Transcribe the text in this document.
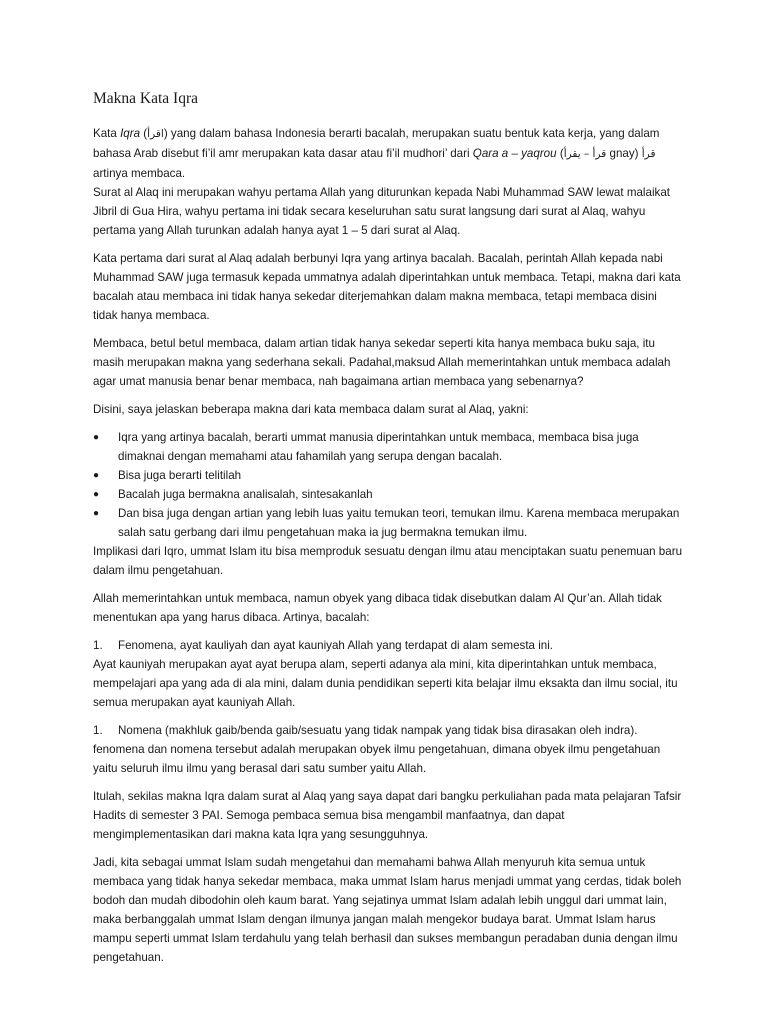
Makna Kata Iqra

Kata Iqra (اقرأ) yang dalam bahasa Indonesia berarti bacalah, merupakan suatu bentuk kata kerja, yang dalam bahasa Arab disebut fi’il amr merupakan kata dasar atau fi’il mudhori’ dari Qara a – yaqrou (قرأ – يقرأ gnay) قرأ artinya membaca.

Surat al Alaq ini merupakan wahyu pertama Allah yang diturunkan kepada Nabi Muhammad SAW lewat malaikat Jibril di Gua Hira, wahyu pertama ini tidak secara keseluruhan satu surat langsung dari surat al Alaq, wahyu pertama yang Allah turunkan adalah hanya ayat 1 – 5 dari surat al Alaq.

Kata pertama dari surat al Alaq adalah berbunyi Iqra yang artinya bacalah. Bacalah, perintah Allah kepada nabi Muhammad SAW juga termasuk kepada ummatnya adalah diperintahkan untuk membaca. Tetapi, makna dari kata bacalah atau membaca ini tidak hanya sekedar diterjemahkan dalam makna membaca, tetapi membaca disini tidak hanya membaca.

Membaca, betul betul membaca, dalam artian tidak hanya sekedar seperti kita hanya membaca buku saja, itu masih merupakan makna yang sederhana sekali. Padahal,maksud Allah memerintahkan untuk membaca adalah agar umat manusia benar benar membaca, nah bagaimana artian membaca yang sebenarnya?

Disini, saya jelaskan beberapa makna dari kata membaca dalam surat al Alaq, yakni:

● Iqra yang artinya bacalah, berarti ummat manusia diperintahkan untuk membaca, membaca bisa juga dimaknai dengan memahami atau fahamilah yang serupa dengan bacalah.
● Bisa juga berarti telitilah
● Bacalah juga bermakna analisalah, sintesakanlah
● Dan bisa juga dengan artian yang lebih luas yaitu temukan teori, temukan ilmu. Karena membaca merupakan salah satu gerbang dari ilmu pengetahuan maka ia jug bermakna temukan ilmu.

Implikasi dari Iqro, ummat Islam itu bisa memproduk sesuatu dengan ilmu atau menciptakan suatu penemuan baru dalam ilmu pengetahuan.

Allah memerintahkan untuk membaca, namun obyek yang dibaca tidak disebutkan dalam Al Qur’an. Allah tidak menentukan apa yang harus dibaca. Artinya, bacalah:

1. Fenomena, ayat kauliyah dan ayat kauniyah Allah yang terdapat di alam semesta ini.

Ayat kauniyah merupakan ayat ayat berupa alam, seperti adanya ala mini, kita diperintahkan untuk membaca, mempelajari apa yang ada di ala mini, dalam dunia pendidikan seperti kita belajar ilmu eksakta dan ilmu social, itu semua merupakan ayat kauniyah Allah.

1. Nomena (makhluk gaib/benda gaib/sesuatu yang tidak nampak yang tidak bisa dirasakan oleh indra).

fenomena dan nomena tersebut adalah merupakan obyek ilmu pengetahuan, dimana obyek ilmu pengetahuan yaitu seluruh ilmu ilmu yang berasal dari satu sumber yaitu Allah.

Itulah, sekilas makna Iqra dalam surat al Alaq yang saya dapat dari bangku perkuliahan pada mata pelajaran Tafsir Hadits di semester 3 PAI. Semoga pembaca semua bisa mengambil manfaatnya, dan dapat mengimplementasikan dari makna kata Iqra yang sesungguhnya.

Jadi, kita sebagai ummat Islam sudah mengetahui dan memahami bahwa Allah menyuruh kita semua untuk membaca yang tidak hanya sekedar membaca, maka ummat Islam harus menjadi ummat yang cerdas, tidak boleh bodoh dan mudah dibodohin oleh kaum barat. Yang sejatinya ummat Islam adalah lebih unggul dari ummat lain, maka berbanggalah ummat Islam dengan ilmunya jangan malah mengekor budaya barat. Ummat Islam harus mampu seperti ummat Islam terdahulu yang telah berhasil dan sukses membangun peradaban dunia dengan ilmu pengetahuan.
